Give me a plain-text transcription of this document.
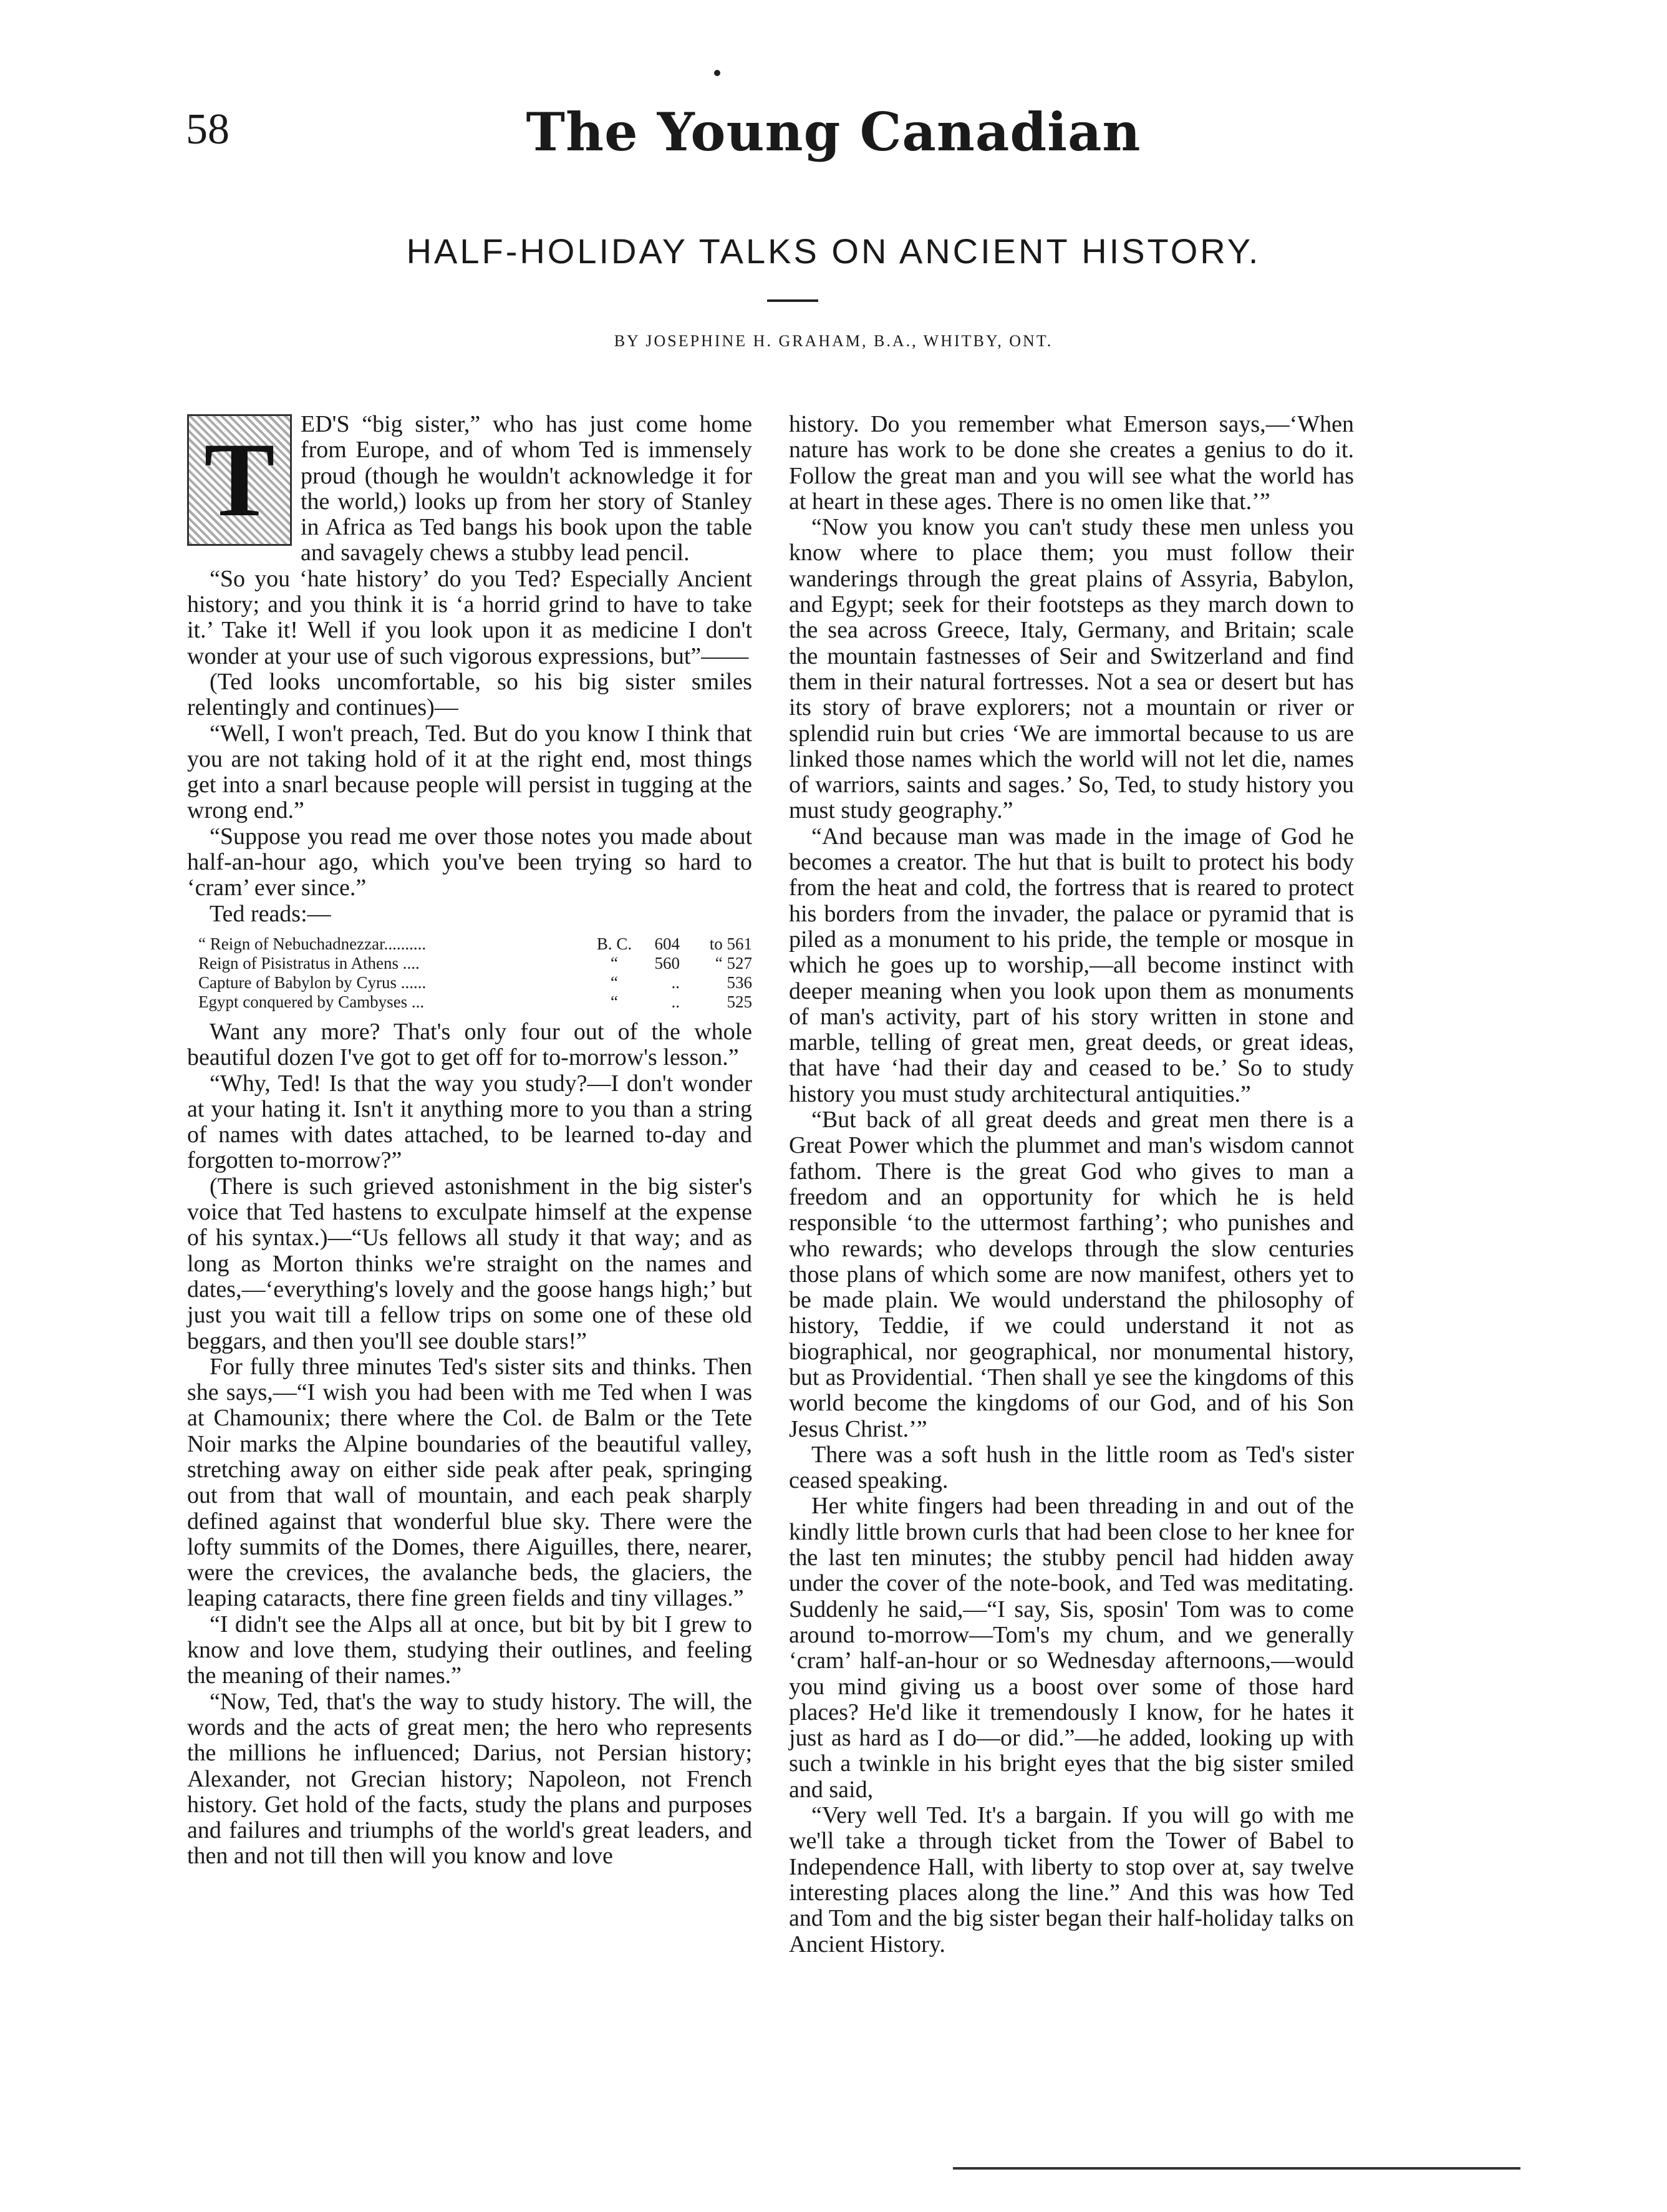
58	The Young Canadian
HALF-HOLIDAY TALKS ON ANCIENT HISTORY.
BY JOSEPHINE H. GRAHAM, B.A., WHITBY, ONT.
T	ED'S “big sister,” who has just come home from Europe, and of whom Ted is immensely proud (though he wouldn't acknowledge it for the world,) looks up from her story of Stanley in Africa as Ted bangs his book upon the table and savagely chews a stubby lead pencil.

“So you ‘hate history’ do you Ted? Especially Ancient history; and you think it is ‘a horrid grind to have to take it.’ Take it! Well if you look upon it as medicine I don't wonder at your use of such vigorous expressions, but”——

(Ted looks uncomfortable, so his big sister smiles relentingly and continues)—

“Well, I won't preach, Ted. But do you know I think that you are not taking hold of it at the right end, most things get into a snarl because people will persist in tugging at the wrong end.”

“Suppose you read me over those notes you made about half-an-hour ago, which you've been trying so hard to ‘cram’ ever since.”

Ted reads:—

“ Reign of Nebuchadnezzar..........	B. C.	604	to 561
Reign of Pisistratus in Athens ....	“	560	“ 527
Capture of Babylon by Cyrus ......	“	..	536
Egypt conquered by Cambyses ...	“	..	525

Want any more? That's only four out of the whole beautiful dozen I've got to get off for to-morrow's lesson.”

“Why, Ted! Is that the way you study?—I don't wonder at your hating it. Isn't it anything more to you than a string of names with dates attached, to be learned to-day and forgotten to-morrow?”

(There is such grieved astonishment in the big sister's voice that Ted hastens to exculpate himself at the expense of his syntax.)—“Us fellows all study it that way; and as long as Morton thinks we're straight on the names and dates,—‘everything's lovely and the goose hangs high;’ but just you wait till a fellow trips on some one of these old beggars, and then you'll see double stars!”

For fully three minutes Ted's sister sits and thinks. Then she says,—“I wish you had been with me Ted when I was at Chamounix; there where the Col. de Balm or the Tete Noir marks the Alpine boundaries of the beautiful valley, stretching away on either side peak after peak, springing out from that wall of mountain, and each peak sharply defined against that wonderful blue sky. There were the lofty summits of the Domes, there Aiguilles, there, nearer, were the crevices, the avalanche beds, the glaciers, the leaping cataracts, there fine green fields and tiny villages.”

“I didn't see the Alps all at once, but bit by bit I grew to know and love them, studying their outlines, and feeling the meaning of their names.”

“Now, Ted, that's the way to study history. The will, the words and the acts of great men; the hero who represents the millions he influenced; Darius, not Persian history; Alexander, not Grecian history; Napoleon, not French history. Get hold of the facts, study the plans and purposes and failures and triumphs of the world's great leaders, and then and not till then will you know and love

history. Do you remember what Emerson says,—‘When nature has work to be done she creates a genius to do it. Follow the great man and you will see what the world has at heart in these ages. There is no omen like that.’”

“Now you know you can't study these men unless you know where to place them; you must follow their wanderings through the great plains of Assyria, Babylon, and Egypt; seek for their footsteps as they march down to the sea across Greece, Italy, Germany, and Britain; scale the mountain fastnesses of Seir and Switzerland and find them in their natural fortresses. Not a sea or desert but has its story of brave explorers; not a mountain or river or splendid ruin but cries ‘We are immortal because to us are linked those names which the world will not let die, names of warriors, saints and sages.’ So, Ted, to study history you must study geography.”

“And because man was made in the image of God he becomes a creator. The hut that is built to protect his body from the heat and cold, the fortress that is reared to protect his borders from the invader, the palace or pyramid that is piled as a monument to his pride, the temple or mosque in which he goes up to worship,—all become instinct with deeper meaning when you look upon them as monuments of man's activity, part of his story written in stone and marble, telling of great men, great deeds, or great ideas, that have ‘had their day and ceased to be.’ So to study history you must study architectural antiquities.”

“But back of all great deeds and great men there is a Great Power which the plummet and man's wisdom cannot fathom. There is the great God who gives to man a freedom and an opportunity for which he is held responsible ‘to the uttermost farthing’; who punishes and who rewards; who develops through the slow centuries those plans of which some are now manifest, others yet to be made plain. We would understand the philosophy of history, Teddie, if we could understand it not as biographical, nor geographical, nor monumental history, but as Providential. ‘Then shall ye see the kingdoms of this world become the kingdoms of our God, and of his Son Jesus Christ.’”

There was a soft hush in the little room as Ted's sister ceased speaking.

Her white fingers had been threading in and out of the kindly little brown curls that had been close to her knee for the last ten minutes; the stubby pencil had hidden away under the cover of the note-book, and Ted was meditating. Suddenly he said,—“I say, Sis, sposin' Tom was to come around to-morrow—Tom's my chum, and we generally ‘cram’ half-an-hour or so Wednesday afternoons,—would you mind giving us a boost over some of those hard places? He'd like it tremendously I know, for he hates it just as hard as I do—or did.”—he added, looking up with such a twinkle in his bright eyes that the big sister smiled and said,

“Very well Ted. It's a bargain. If you will go with me we'll take a through ticket from the Tower of Babel to Independence Hall, with liberty to stop over at, say twelve interesting places along the line.” And this was how Ted and Tom and the big sister began their half-holiday talks on Ancient History.
